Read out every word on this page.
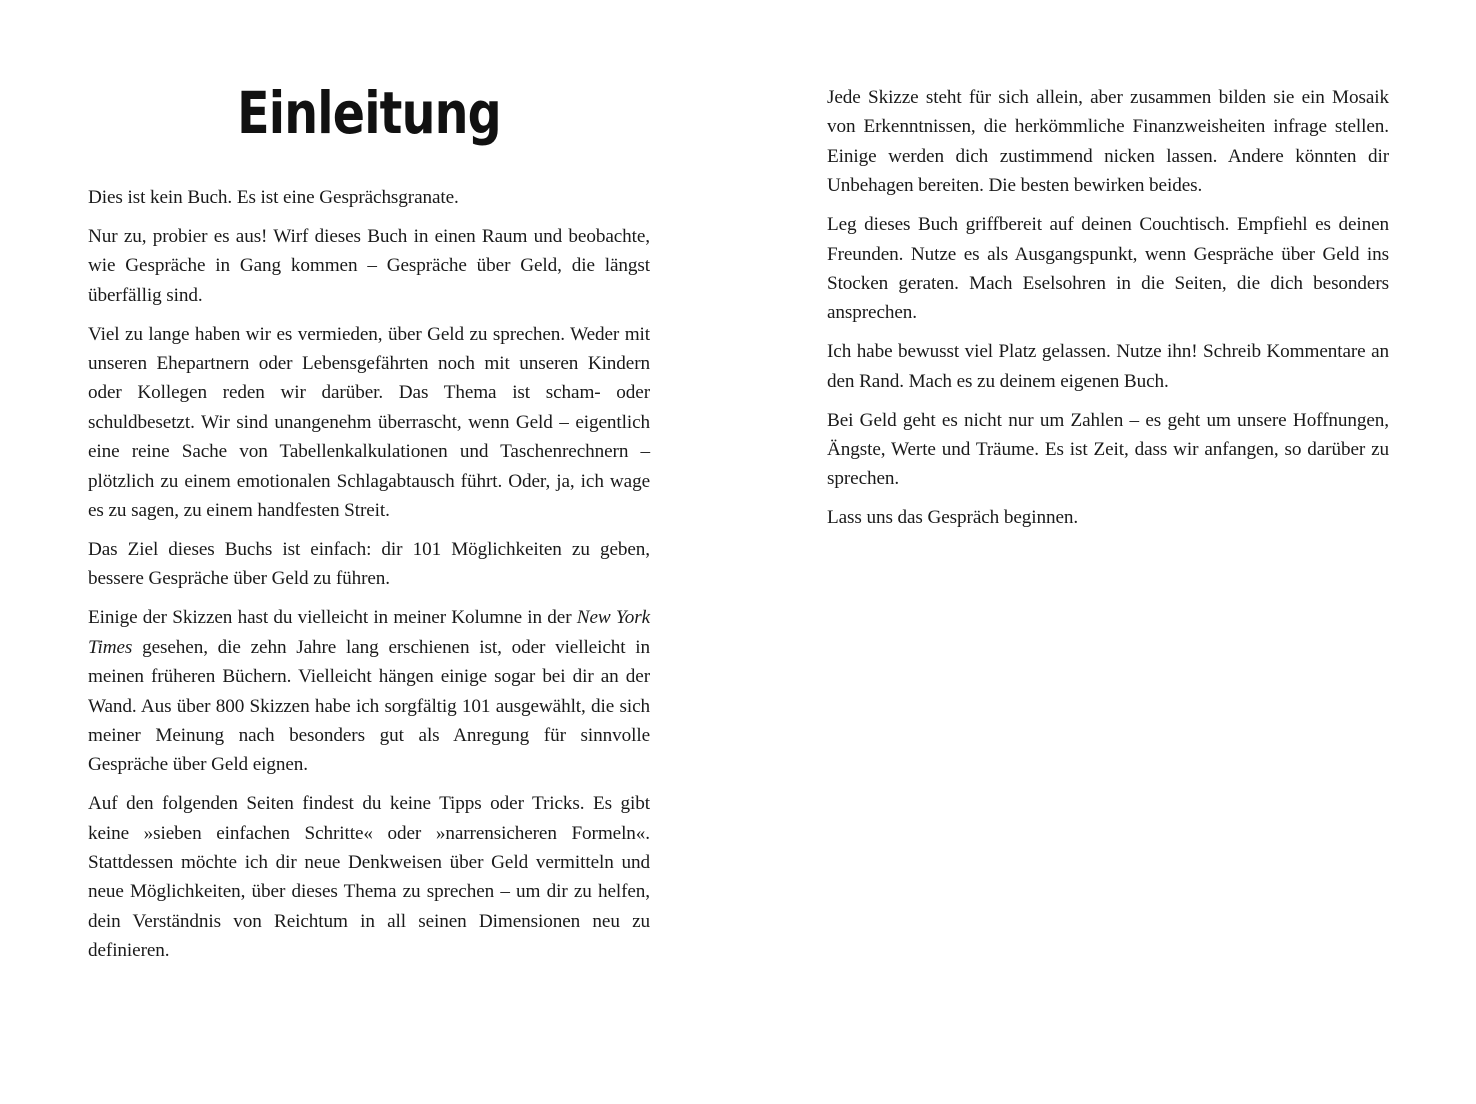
Einleitung

Dies ist kein Buch. Es ist eine Gesprächsgranate.

Nur zu, probier es aus! Wirf dieses Buch in einen Raum und beobachte, wie Gespräche in Gang kommen – Gespräche über Geld, die längst überfällig sind.

Viel zu lange haben wir es vermieden, über Geld zu sprechen. Weder mit unseren Ehepartnern oder Lebensgefährten noch mit unseren Kindern oder Kollegen reden wir darüber. Das Thema ist scham- oder schuldbesetzt. Wir sind unangenehm überrascht, wenn Geld – eigentlich eine reine Sache von Tabellenkalkulationen und Taschenrechnern – plötzlich zu einem emotionalen Schlagabtausch führt. Oder, ja, ich wage es zu sagen, zu einem handfesten Streit.

Das Ziel dieses Buchs ist einfach: dir 101 Möglichkeiten zu geben, bessere Gespräche über Geld zu führen.

Einige der Skizzen hast du vielleicht in meiner Kolumne in der New York Times gesehen, die zehn Jahre lang erschienen ist, oder vielleicht in meinen früheren Büchern. Vielleicht hängen einige sogar bei dir an der Wand. Aus über 800 Skizzen habe ich sorgfältig 101 ausgewählt, die sich meiner Meinung nach besonders gut als Anregung für sinnvolle Gespräche über Geld eignen.

Auf den folgenden Seiten findest du keine Tipps oder Tricks. Es gibt keine »sieben einfachen Schritte« oder »narrensicheren Formeln«. Stattdessen möchte ich dir neue Denkweisen über Geld vermitteln und neue Möglichkeiten, über dieses Thema zu sprechen – um dir zu helfen, dein Verständnis von Reichtum in all seinen Dimensionen neu zu definieren.

Jede Skizze steht für sich allein, aber zusammen bilden sie ein Mosaik von Erkenntnissen, die herkömmliche Finanzweisheiten infrage stellen. Einige werden dich zustimmend nicken lassen. Andere könnten dir Unbehagen bereiten. Die besten bewirken beides.

Leg dieses Buch griffbereit auf deinen Couchtisch. Empfiehl es deinen Freunden. Nutze es als Ausgangspunkt, wenn Gespräche über Geld ins Stocken geraten. Mach Eselsohren in die Seiten, die dich besonders ansprechen.

Ich habe bewusst viel Platz gelassen. Nutze ihn! Schreib Kommentare an den Rand. Mach es zu deinem eigenen Buch.

Bei Geld geht es nicht nur um Zahlen – es geht um unsere Hoffnungen, Ängste, Werte und Träume. Es ist Zeit, dass wir anfangen, so darüber zu sprechen.

Lass uns das Gespräch beginnen.
